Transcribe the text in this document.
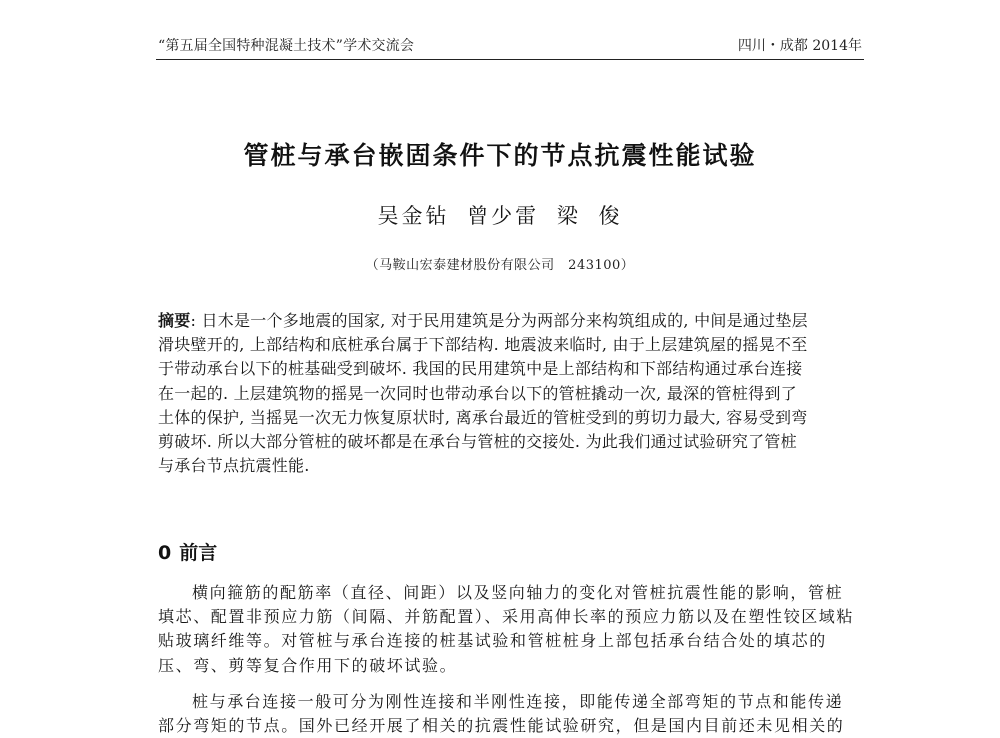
“第五届全国特种混凝土技术”学术交流会	四川・成都 2014年
管桩与承台嵌固条件下的节点抗震性能试验
吴金钻 曾少雷 梁 俊
（马鞍山宏泰建材股份有限公司　243100）
摘要: 日木是一个多地震的国家, 对于民用建筑是分为两部分来构筑组成的, 中间是通过垫层
滑块壁开的, 上部结构和底桩承台属于下部结构. 地震波来临时, 由于上层建筑屋的摇晃不至
于带动承台以下的桩基础受到破坏. 我国的民用建筑中是上部结构和下部结构通过承台连接
在一起的. 上层建筑物的摇晃一次同时也带动承台以下的管桩撬动一次, 最深的管桩得到了
土体的保护, 当摇晃一次无力恢复原状时, 离承台最近的管桩受到的剪切力最大, 容易受到弯
剪破坏. 所以大部分管桩的破坏都是在承台与管桩的交接处. 为此我们通过试验研究了管桩
与承台节点抗震性能.
0 前言
横向箍筋的配筋率（直径、间距）以及竖向轴力的变化对管桩抗震性能的影响，管桩
填芯、配置非预应力筋（间隔、并筋配置）、采用高伸长率的预应力筋以及在塑性铰区域粘
贴玻璃纤维等。对管桩与承台连接的桩基试验和管桩桩身上部包括承台结合处的填芯的
压、弯、剪等复合作用下的破坏试验。
桩与承台连接一般可分为刚性连接和半刚性连接，即能传递全部弯矩的节点和能传递
部分弯矩的节点。国外已经开展了相关的抗震性能试验研究，但是国内目前还未见相关的
